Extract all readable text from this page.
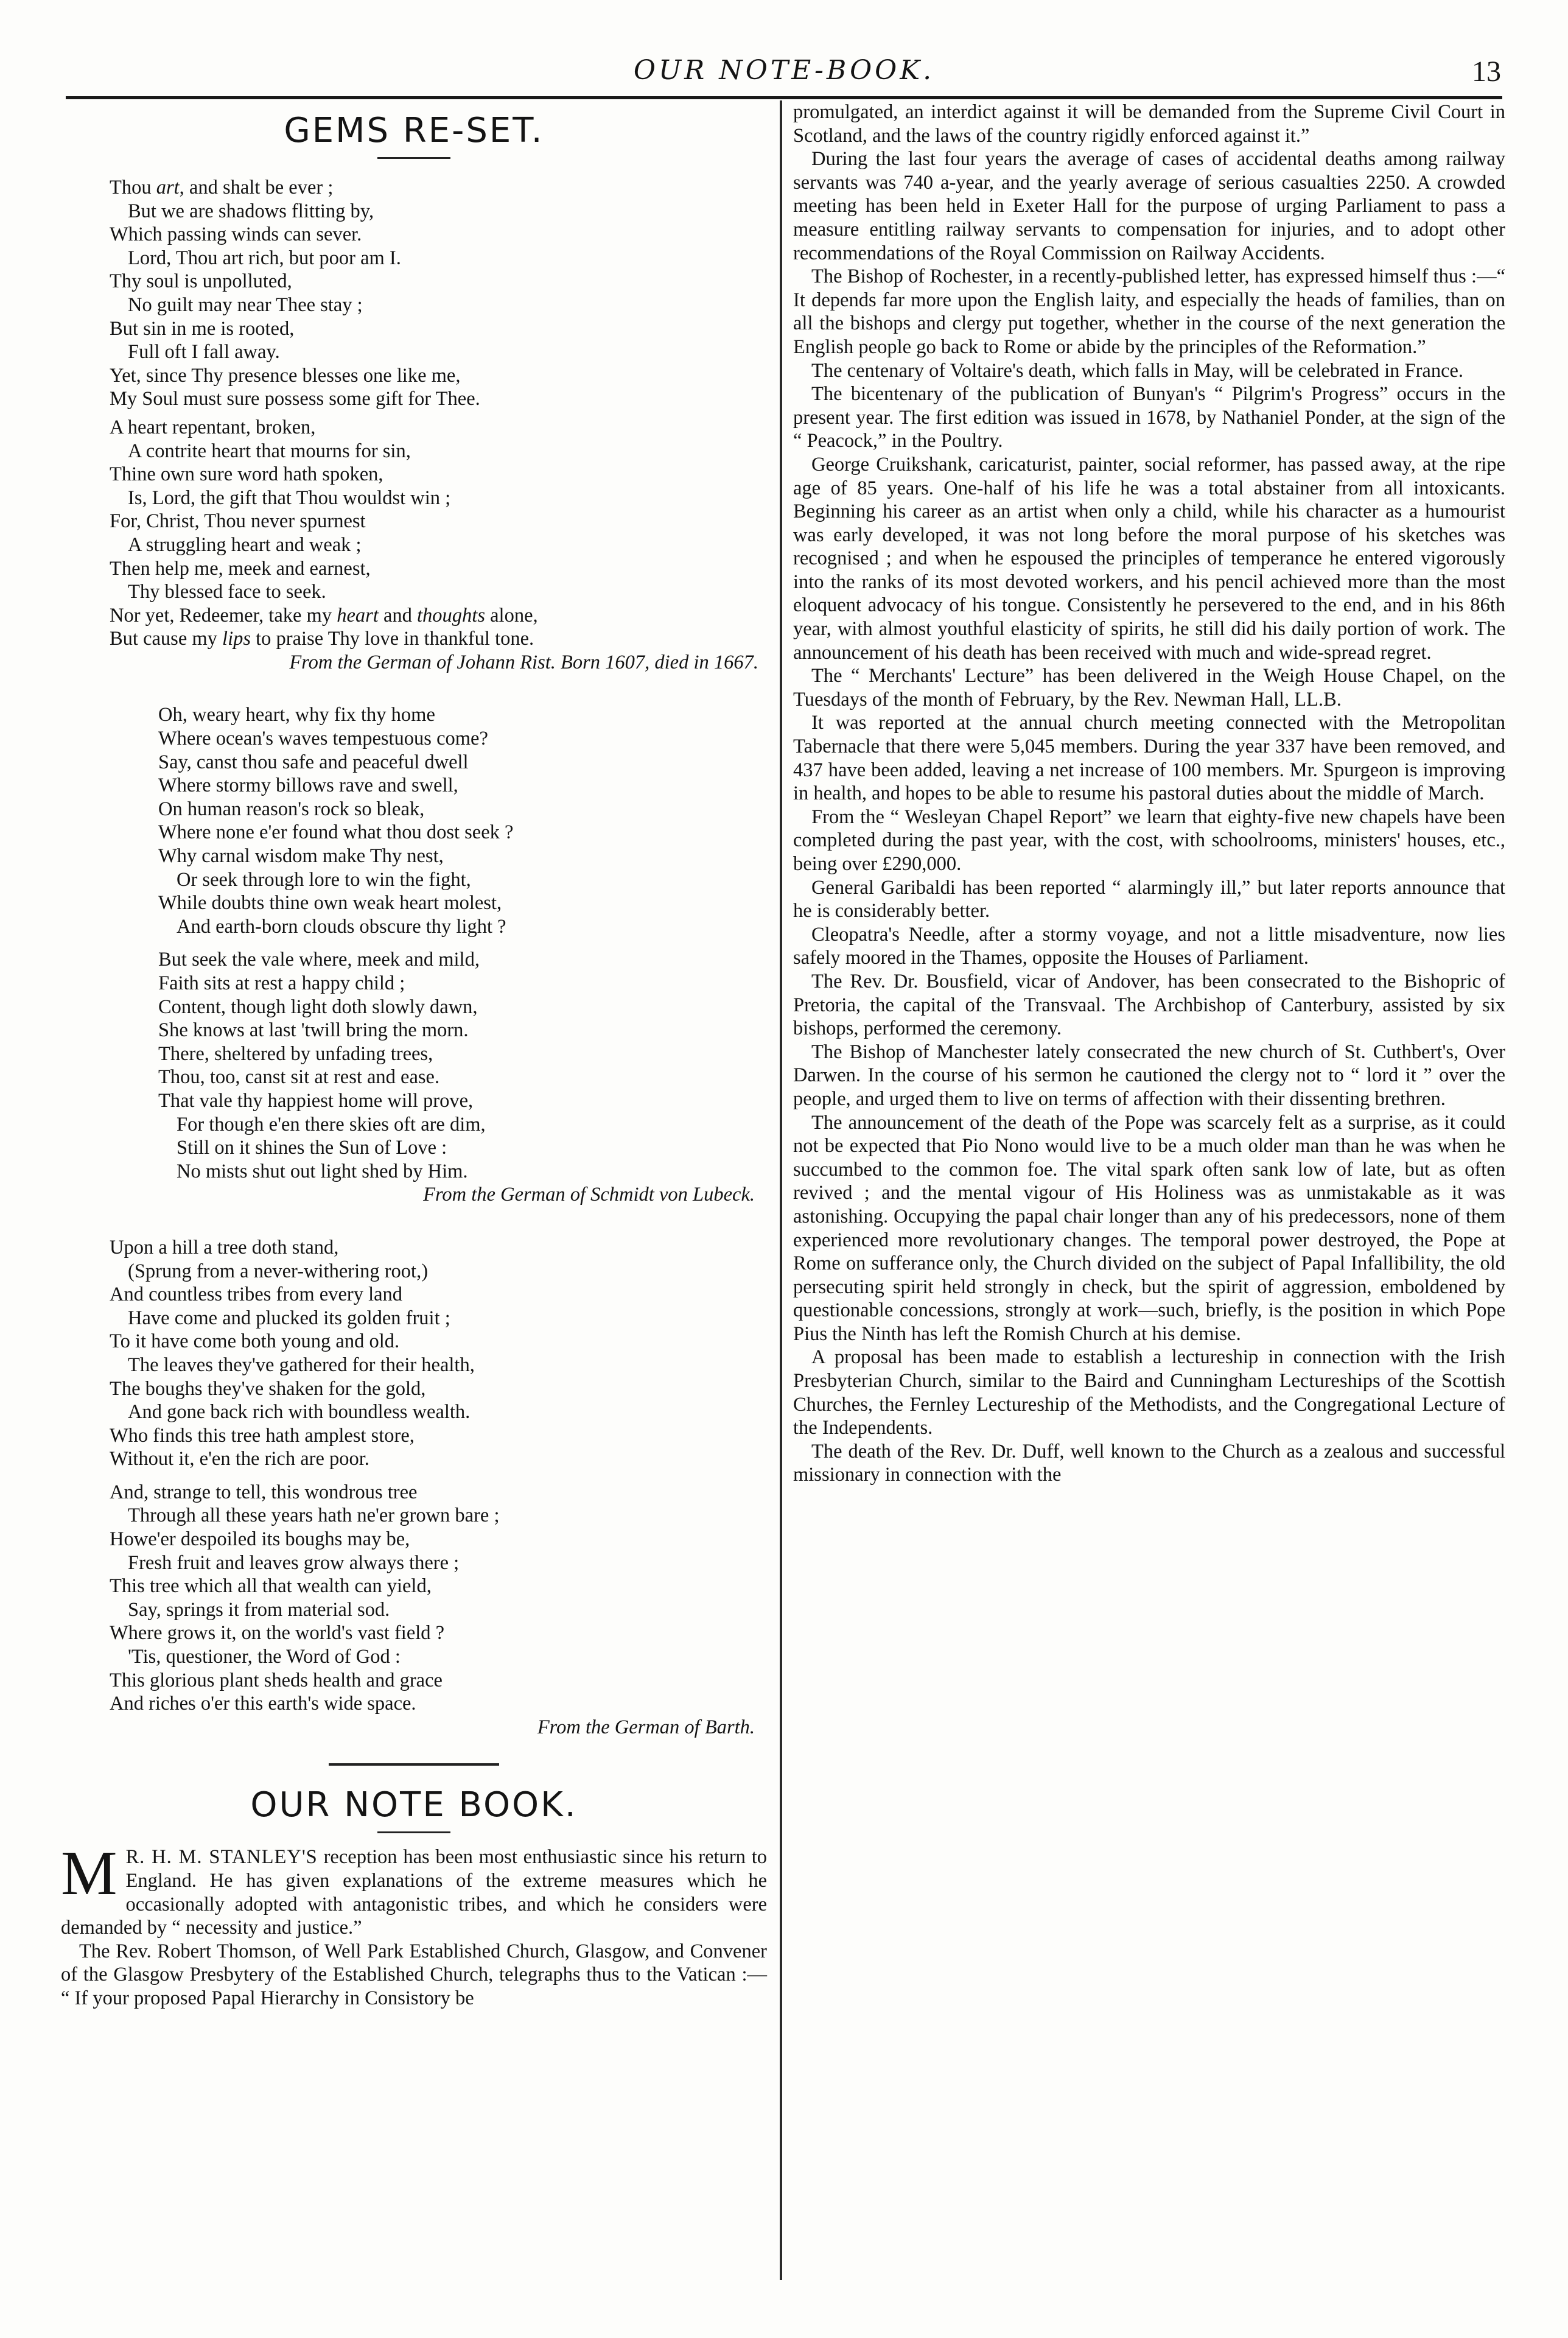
OUR NOTE-BOOK.	13
GEMS RE-SET.
Thou art, and shalt be ever ;
But we are shadows flitting by,
Which passing winds can sever.
Lord, Thou art rich, but poor am I.
Thy soul is unpolluted,
No guilt may near Thee stay ;
But sin in me is rooted,
Full oft I fall away.
Yet, since Thy presence blesses one like me,
My Soul must sure possess some gift for Thee.
A heart repentant, broken,
A contrite heart that mourns for sin,
Thine own sure word hath spoken,
Is, Lord, the gift that Thou wouldst win ;
For, Christ, Thou never spurnest
A struggling heart and weak ;
Then help me, meek and earnest,
Thy blessed face to seek.
Nor yet, Redeemer, take my heart and thoughts alone,
But cause my lips to praise Thy love in thankful tone.
From the German of Johann Rist. Born 1607, died in 1667.
Oh, weary heart, why fix thy home
Where ocean's waves tempestuous come?
Say, canst thou safe and peaceful dwell
Where stormy billows rave and swell,
On human reason's rock so bleak,
Where none e'er found what thou dost seek ?
Why carnal wisdom make Thy nest,
Or seek through lore to win the fight,
While doubts thine own weak heart molest,
And earth-born clouds obscure thy light ?
But seek the vale where, meek and mild,
Faith sits at rest a happy child ;
Content, though light doth slowly dawn,
She knows at last 'twill bring the morn.
There, sheltered by unfading trees,
Thou, too, canst sit at rest and ease.
That vale thy happiest home will prove,
For though e'en there skies oft are dim,
Still on it shines the Sun of Love :
No mists shut out light shed by Him.
From the German of Schmidt von Lubeck.
Upon a hill a tree doth stand,
(Sprung from a never-withering root,)
And countless tribes from every land
Have come and plucked its golden fruit ;
To it have come both young and old.
The leaves they've gathered for their health,
The boughs they've shaken for the gold,
And gone back rich with boundless wealth.
Who finds this tree hath amplest store,
Without it, e'en the rich are poor.
And, strange to tell, this wondrous tree
Through all these years hath ne'er grown bare ;
Howe'er despoiled its boughs may be,
Fresh fruit and leaves grow always there ;
This tree which all that wealth can yield,
Say, springs it from material sod.
Where grows it, on the world's vast field ?
'Tis, questioner, the Word of God :
This glorious plant sheds health and grace
And riches o'er this earth's wide space.
From the German of Barth.
OUR NOTE BOOK.
M R. H. M. STANLEY'S reception has been most enthusiastic since his return to England. He has given explanations of the extreme measures which he occasionally adopted with antagonistic tribes, and which he considers were demanded by “ necessity and justice.”
The Rev. Robert Thomson, of Well Park Established Church, Glasgow, and Convener of the Glasgow Presbytery of the Established Church, telegraphs thus to the Vatican :— “ If your proposed Papal Hierarchy in Consistory be
promulgated, an interdict against it will be demanded from the Supreme Civil Court in Scotland, and the laws of the country rigidly enforced against it.”
During the last four years the average of cases of accidental deaths among railway servants was 740 a-year, and the yearly average of serious casualties 2250. A crowded meeting has been held in Exeter Hall for the purpose of urging Parliament to pass a measure entitling railway servants to compensation for injuries, and to adopt other recommendations of the Royal Commission on Railway Accidents.
The Bishop of Rochester, in a recently-published letter, has expressed himself thus :—“ It depends far more upon the English laity, and especially the heads of families, than on all the bishops and clergy put together, whether in the course of the next generation the English people go back to Rome or abide by the principles of the Reformation.”
The centenary of Voltaire's death, which falls in May, will be celebrated in France.
The bicentenary of the publication of Bunyan's “ Pilgrim's Progress” occurs in the present year. The first edition was issued in 1678, by Nathaniel Ponder, at the sign of the “ Peacock,” in the Poultry.
George Cruikshank, caricaturist, painter, social reformer, has passed away, at the ripe age of 85 years. One-half of his life he was a total abstainer from all intoxicants. Beginning his career as an artist when only a child, while his character as a humourist was early developed, it was not long before the moral purpose of his sketches was recognised ; and when he espoused the principles of temperance he entered vigorously into the ranks of its most devoted workers, and his pencil achieved more than the most eloquent advocacy of his tongue. Consistently he persevered to the end, and in his 86th year, with almost youthful elasticity of spirits, he still did his daily portion of work. The announcement of his death has been received with much and wide-spread regret.
The “ Merchants' Lecture” has been delivered in the Weigh House Chapel, on the Tuesdays of the month of February, by the Rev. Newman Hall, LL.B.
It was reported at the annual church meeting connected with the Metropolitan Tabernacle that there were 5,045 members. During the year 337 have been removed, and 437 have been added, leaving a net increase of 100 members. Mr. Spurgeon is improving in health, and hopes to be able to resume his pastoral duties about the middle of March.
From the “ Wesleyan Chapel Report” we learn that eighty-five new chapels have been completed during the past year, with the cost, with schoolrooms, ministers' houses, etc., being over £290,000.
General Garibaldi has been reported “ alarmingly ill,” but later reports announce that he is considerably better.
Cleopatra's Needle, after a stormy voyage, and not a little misadventure, now lies safely moored in the Thames, opposite the Houses of Parliament.
The Rev. Dr. Bousfield, vicar of Andover, has been consecrated to the Bishopric of Pretoria, the capital of the Transvaal. The Archbishop of Canterbury, assisted by six bishops, performed the ceremony.
The Bishop of Manchester lately consecrated the new church of St. Cuthbert's, Over Darwen. In the course of his sermon he cautioned the clergy not to “ lord it ” over the people, and urged them to live on terms of affection with their dissenting brethren.
The announcement of the death of the Pope was scarcely felt as a surprise, as it could not be expected that Pio Nono would live to be a much older man than he was when he succumbed to the common foe. The vital spark often sank low of late, but as often revived ; and the mental vigour of His Holiness was as unmistakable as it was astonishing. Occupying the papal chair longer than any of his predecessors, none of them experienced more revolutionary changes. The temporal power destroyed, the Pope at Rome on sufferance only, the Church divided on the subject of Papal Infallibility, the old persecuting spirit held strongly in check, but the spirit of aggression, emboldened by questionable concessions, strongly at work—such, briefly, is the position in which Pope Pius the Ninth has left the Romish Church at his demise.
A proposal has been made to establish a lectureship in connection with the Irish Presbyterian Church, similar to the Baird and Cunningham Lectureships of the Scottish Churches, the Fernley Lectureship of the Methodists, and the Congregational Lecture of the Independents.
The death of the Rev. Dr. Duff, well known to the Church as a zealous and successful missionary in connection with the
